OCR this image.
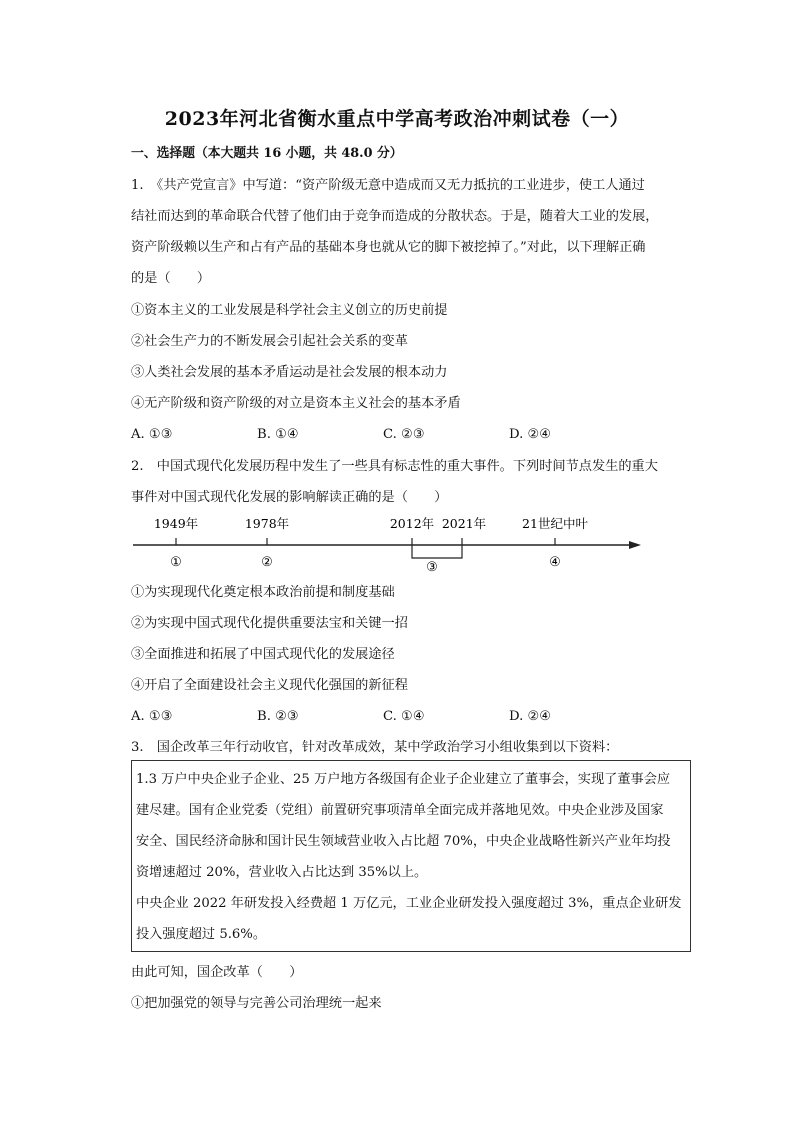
2023年河北省衡水重点中学高考政治冲刺试卷（一）
一、选择题（本大题共 16 小题，共 48.0 分）
1.　《共产党宣言》中写道：“资产阶级无意中造成而又无力抵抗的工业进步，使工人通过
结社而达到的革命联合代替了他们由于竞争而造成的分散状态。于是，随着大工业的发展，
资产阶级赖以生产和占有产品的基础本身也就从它的脚下被挖掉了。”对此，以下理解正确
的是（　　）
①资本主义的工业发展是科学社会主义创立的历史前提
②社会生产力的不断发展会引起社会关系的变革
③人类社会发展的基本矛盾运动是社会发展的根本动力
④无产阶级和资产阶级的对立是资本主义社会的基本矛盾
A. ①③	B. ①④	C. ②③	D. ②④
2.　中国式现代化发展历程中发生了一些具有标志性的重大事件。下列时间节点发生的重大
事件对中国式现代化发展的影响解读正确的是（　　）
1949年	1978年	2012年 2021年	21世纪中叶
①	②	③	④
①为实现现代化奠定根本政治前提和制度基础
②为实现中国式现代化提供重要法宝和关键一招
③全面推进和拓展了中国式现代化的发展途径
④开启了全面建设社会主义现代化强国的新征程
A. ①③	B. ②③	C. ①④	D. ②④
3.　国企改革三年行动收官，针对改革成效，某中学政治学习小组收集到以下资料：
1.3 万户中央企业子企业、25 万户地方各级国有企业子企业建立了董事会，实现了董事会应
建尽建。国有企业党委（党组）前置研究事项清单全面完成并落地见效。中央企业涉及国家
安全、国民经济命脉和国计民生领域营业收入占比超 70%，中央企业战略性新兴产业年均投
资增速超过 20%，营业收入占比达到 35%以上。
中央企业 2022 年研发投入经费超 1 万亿元，工业企业研发投入强度超过 3%，重点企业研发
投入强度超过 5.6%。
由此可知，国企改革（　　）
①把加强党的领导与完善公司治理统一起来
